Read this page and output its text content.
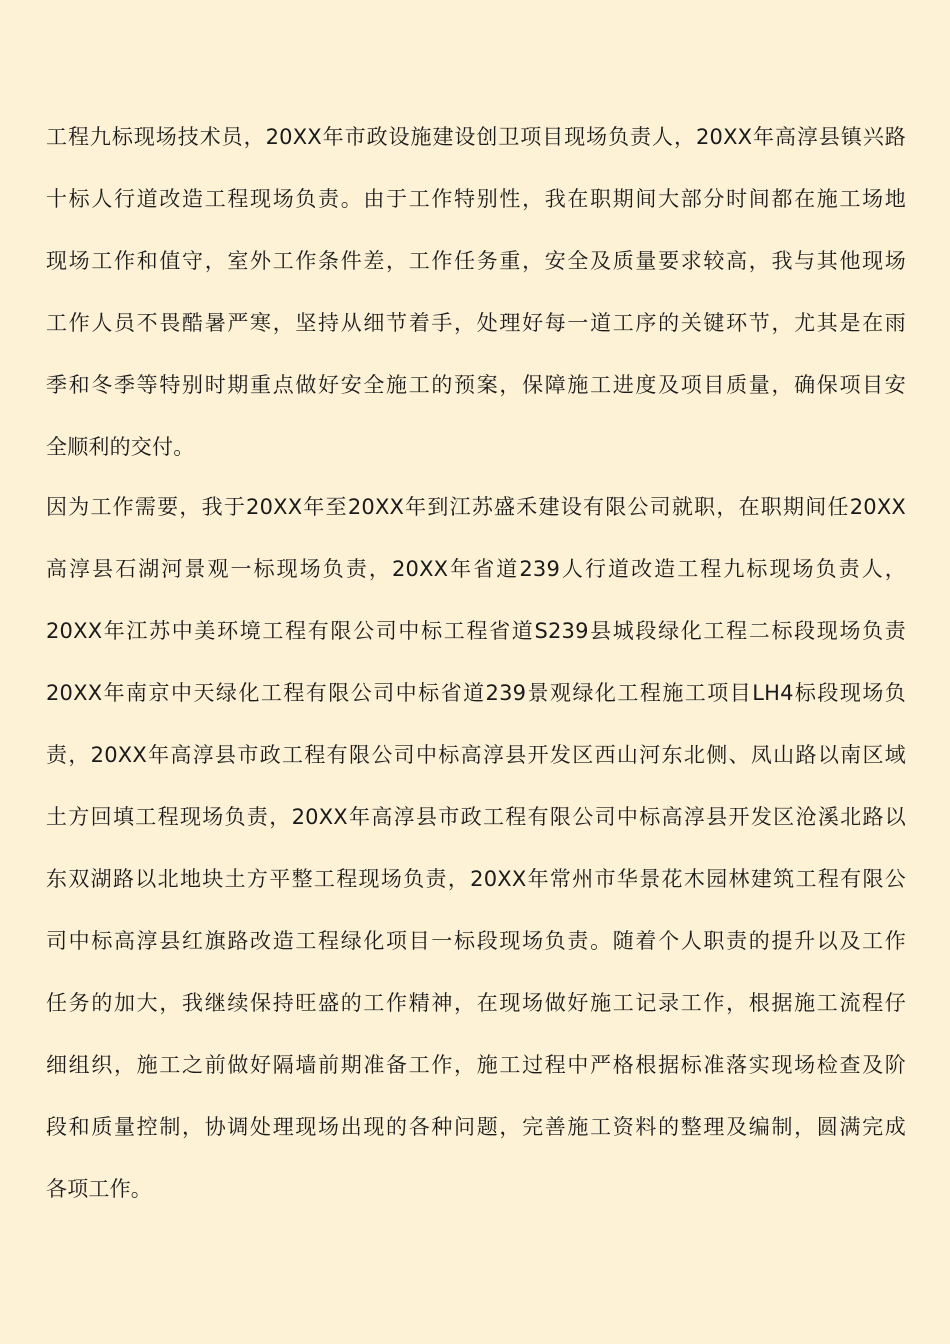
工程九标现场技术员，20XX年市政设施建设创卫项目现场负责人，20XX年高淳县镇兴路
十标人行道改造工程现场负责。由于工作特别性，我在职期间大部分时间都在施工场地
现场工作和值守，室外工作条件差，工作任务重，安全及质量要求较高，我与其他现场
工作人员不畏酷暑严寒，坚持从细节着手，处理好每一道工序的关键环节，尤其是在雨
季和冬季等特别时期重点做好安全施工的预案，保障施工进度及项目质量，确保项目安
全顺利的交付。
因为工作需要，我于20XX年至20XX年到江苏盛禾建设有限公司就职，在职期间任20XX
高淳县石湖河景观一标现场负责，20XX年省道239人行道改造工程九标现场负责人，
20XX年江苏中美环境工程有限公司中标工程省道S239县城段绿化工程二标段现场负责
20XX年南京中天绿化工程有限公司中标省道239景观绿化工程施工项目LH4标段现场负
责，20XX年高淳县市政工程有限公司中标高淳县开发区西山河东北侧、凤山路以南区域
土方回填工程现场负责，20XX年高淳县市政工程有限公司中标高淳县开发区沧溪北路以
东双湖路以北地块土方平整工程现场负责，20XX年常州市华景花木园林建筑工程有限公
司中标高淳县红旗路改造工程绿化项目一标段现场负责。随着个人职责的提升以及工作
任务的加大，我继续保持旺盛的工作精神，在现场做好施工记录工作，根据施工流程仔
细组织，施工之前做好隔墙前期准备工作，施工过程中严格根据标准落实现场检查及阶
段和质量控制，协调处理现场出现的各种问题，完善施工资料的整理及编制，圆满完成
各项工作。
